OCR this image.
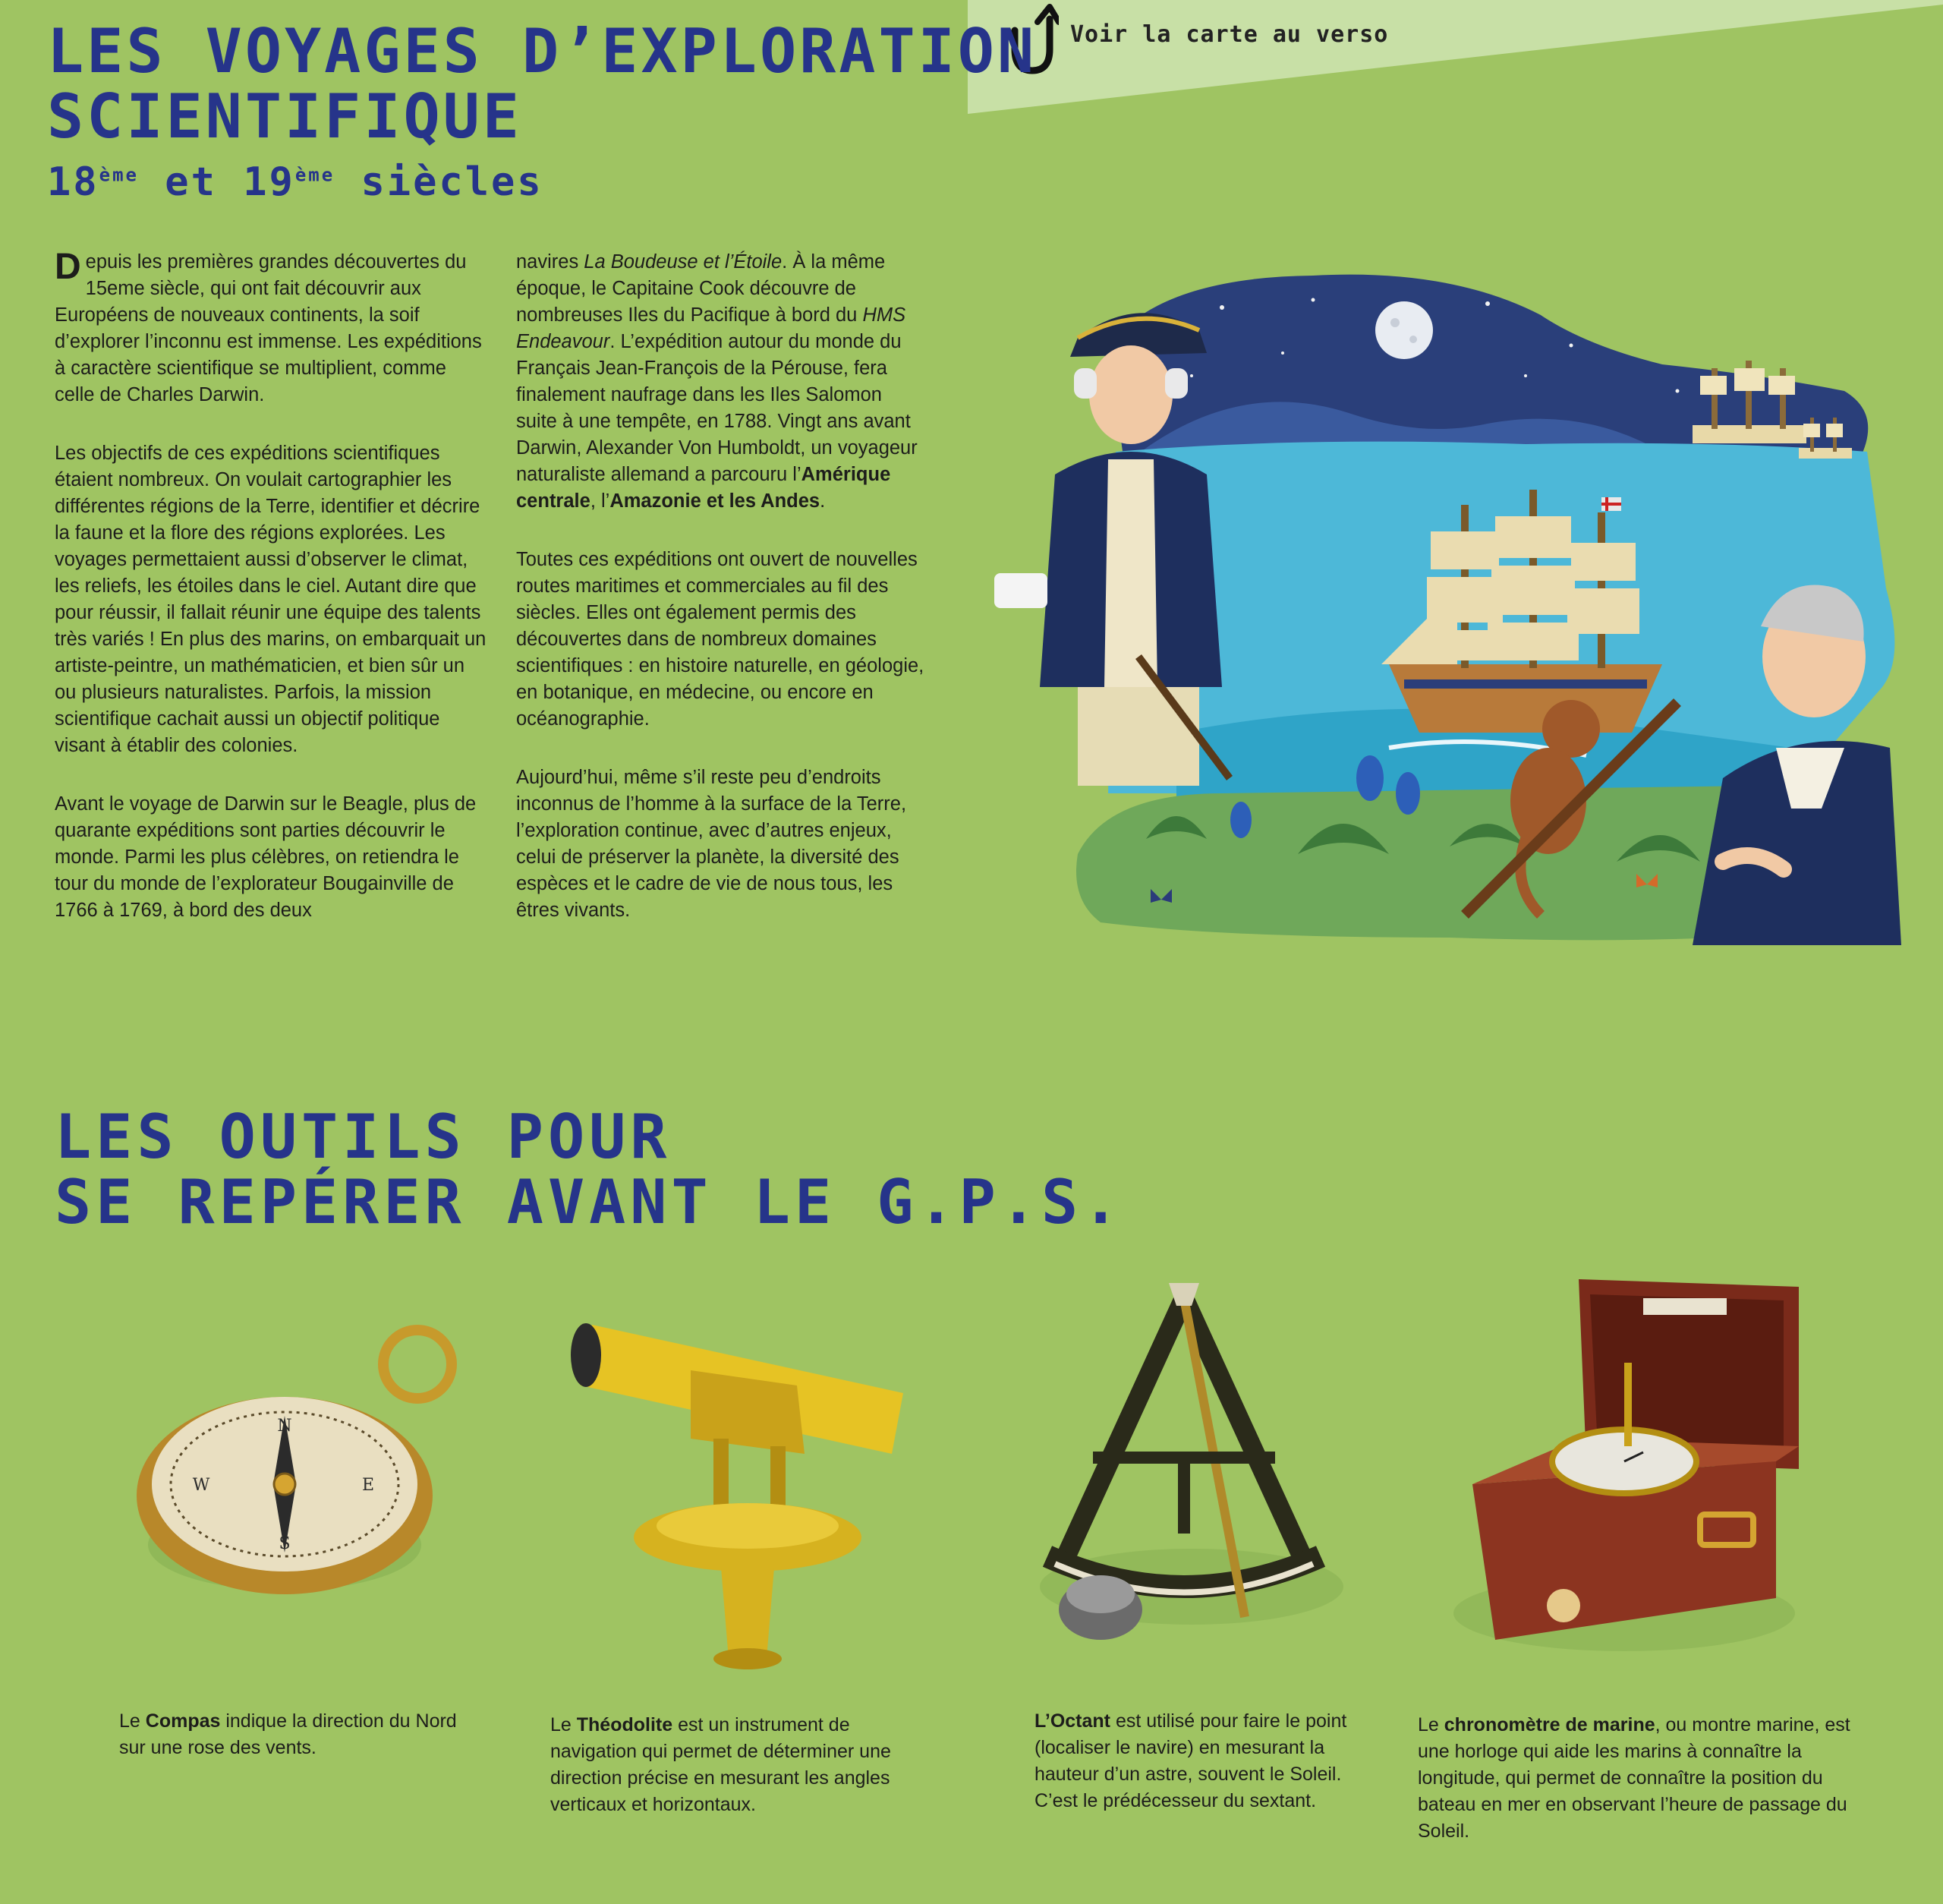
Voir la carte au verso
LES VOYAGES D’EXPLORATION
SCIENTIFIQUE
18ème et 19ème siècles

Depuis les premières grandes découvertes du 15eme siècle, qui ont fait découvrir aux Européens de nouveaux continents, la soif d’explorer l’inconnu est immense. Les expéditions à caractère scientifique se multiplient, comme celle de Charles Darwin.

Les objectifs de ces expéditions scientifiques étaient nombreux. On voulait cartographier les différentes régions de la Terre, identifier et décrire la faune et la flore des régions explorées. Les voyages permettaient aussi d’observer le climat, les reliefs, les étoiles dans le ciel. Autant dire que pour réussir, il fallait réunir une équipe des talents très variés ! En plus des marins, on embarquait un artiste-peintre, un mathématicien, et bien sûr un ou plusieurs naturalistes. Parfois, la mission scientifique cachait aussi un objectif politique visant à établir des colonies.

Avant le voyage de Darwin sur le Beagle, plus de quarante expéditions sont parties découvrir le monde. Parmi les plus célèbres, on retiendra le tour du monde de l’explorateur Bougainville de 1766 à 1769, à bord des deux

navires La Boudeuse et l’Étoile. À la même époque, le Capitaine Cook découvre de nombreuses Iles du Pacifique à bord du HMS Endeavour. L’expédition autour du monde du Français Jean-François de la Pérouse, fera finalement naufrage dans les Iles Salomon suite à une tempête, en 1788. Vingt ans avant Darwin, Alexander Von Humboldt, un voyageur naturaliste allemand a parcouru l’Amérique centrale, l’Amazonie et les Andes.

Toutes ces expéditions ont ouvert de nouvelles routes maritimes et commerciales au fil des siècles. Elles ont également permis des découvertes dans de nombreux domaines scientifiques : en histoire naturelle, en géologie, en botanique, en médecine, ou encore en océanographie.

Aujourd’hui, même s’il reste peu d’endroits inconnus de l’homme à la surface de la Terre, l’exploration continue, avec d’autres enjeux, celui de préserver la planète, la diversité des espèces et le cadre de vie de nous tous, les êtres vivants.

LES OUTILS POUR
SE REPÉRER AVANT LE G.P.S.
N
E
S
W

Le Compas indique la direction du Nord sur une rose des vents.

Le Théodolite est un instrument de navigation qui permet de déterminer une direction précise en mesurant les angles verticaux et horizontaux.

L’Octant est utilisé pour faire le point (localiser le navire) en mesurant la hauteur d’un astre, souvent le Soleil. C’est le prédécesseur du sextant.

Le chronomètre de marine, ou montre marine, est une horloge qui aide les marins à connaître la longitude, qui permet de connaître la position du bateau en mer en observant l’heure de passage du Soleil.
